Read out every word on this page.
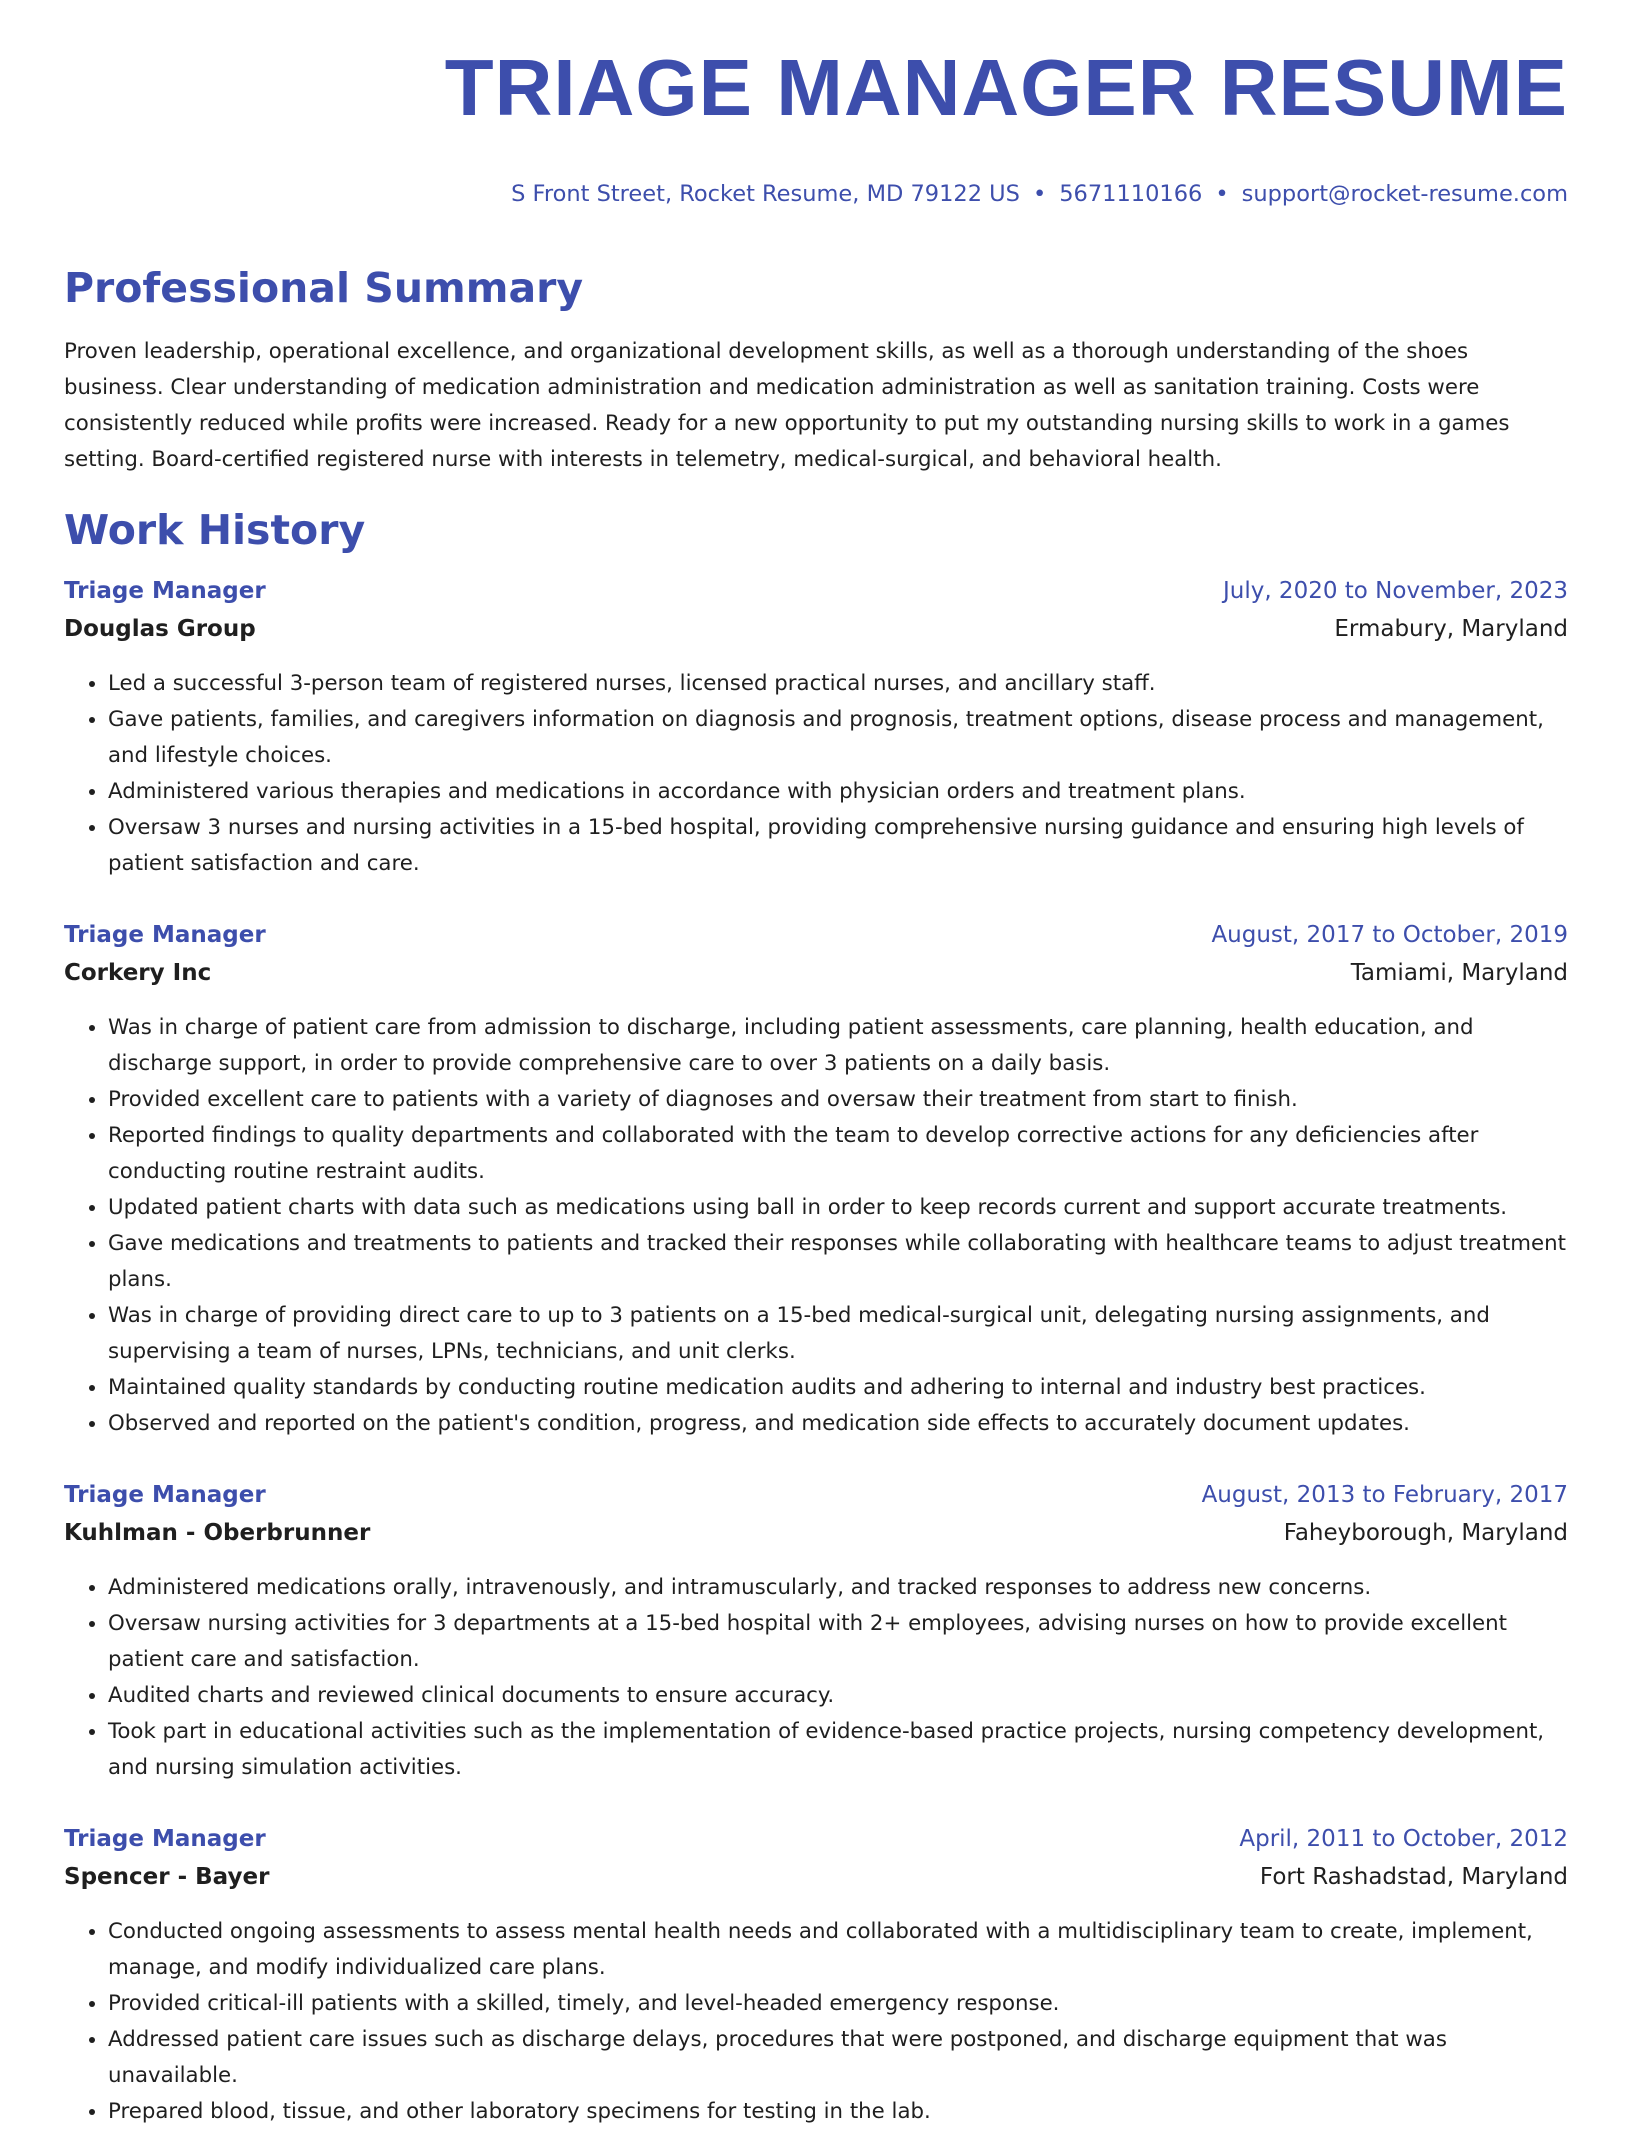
TRIAGE MANAGER RESUME
S Front Street, Rocket Resume, MD 79122 US • 5671110166 • support@rocket-resume.com
Professional Summary

Proven leadership, operational excellence, and organizational development skills, as well as a thorough understanding of the shoes business. Clear understanding of medication administration and medication administration as well as sanitation training. Costs were consistently reduced while profits were increased. Ready for a new opportunity to put my outstanding nursing skills to work in a games setting. Board-certified registered nurse with interests in telemetry, medical-surgical, and behavioral health.

Work History
Triage Manager	July, 2020 to November, 2023
Douglas Group	Ermabury, Maryland
• Led a successful 3-person team of registered nurses, licensed practical nurses, and ancillary staff.
• Gave patients, families, and caregivers information on diagnosis and prognosis, treatment options, disease process and management, and lifestyle choices.
• Administered various therapies and medications in accordance with physician orders and treatment plans.
• Oversaw 3 nurses and nursing activities in a 15-bed hospital, providing comprehensive nursing guidance and ensuring high levels of patient satisfaction and care.
Triage Manager	August, 2017 to October, 2019
Corkery Inc	Tamiami, Maryland
• Was in charge of patient care from admission to discharge, including patient assessments, care planning, health education, and discharge support, in order to provide comprehensive care to over 3 patients on a daily basis.
• Provided excellent care to patients with a variety of diagnoses and oversaw their treatment from start to finish.
• Reported findings to quality departments and collaborated with the team to develop corrective actions for any deficiencies after conducting routine restraint audits.
• Updated patient charts with data such as medications using ball in order to keep records current and support accurate treatments.
• Gave medications and treatments to patients and tracked their responses while collaborating with healthcare teams to adjust treatment plans.
• Was in charge of providing direct care to up to 3 patients on a 15-bed medical-surgical unit, delegating nursing assignments, and supervising a team of nurses, LPNs, technicians, and unit clerks.
• Maintained quality standards by conducting routine medication audits and adhering to internal and industry best practices.
• Observed and reported on the patient's condition, progress, and medication side effects to accurately document updates.
Triage Manager	August, 2013 to February, 2017
Kuhlman - Oberbrunner	Faheyborough, Maryland
• Administered medications orally, intravenously, and intramuscularly, and tracked responses to address new concerns.
• Oversaw nursing activities for 3 departments at a 15-bed hospital with 2+ employees, advising nurses on how to provide excellent patient care and satisfaction.
• Audited charts and reviewed clinical documents to ensure accuracy.
• Took part in educational activities such as the implementation of evidence-based practice projects, nursing competency development, and nursing simulation activities.
Triage Manager	April, 2011 to October, 2012
Spencer - Bayer	Fort Rashadstad, Maryland
• Conducted ongoing assessments to assess mental health needs and collaborated with a multidisciplinary team to create, implement, manage, and modify individualized care plans.
• Provided critical-ill patients with a skilled, timely, and level-headed emergency response.
• Addressed patient care issues such as discharge delays, procedures that were postponed, and discharge equipment that was unavailable.
• Prepared blood, tissue, and other laboratory specimens for testing in the lab.
